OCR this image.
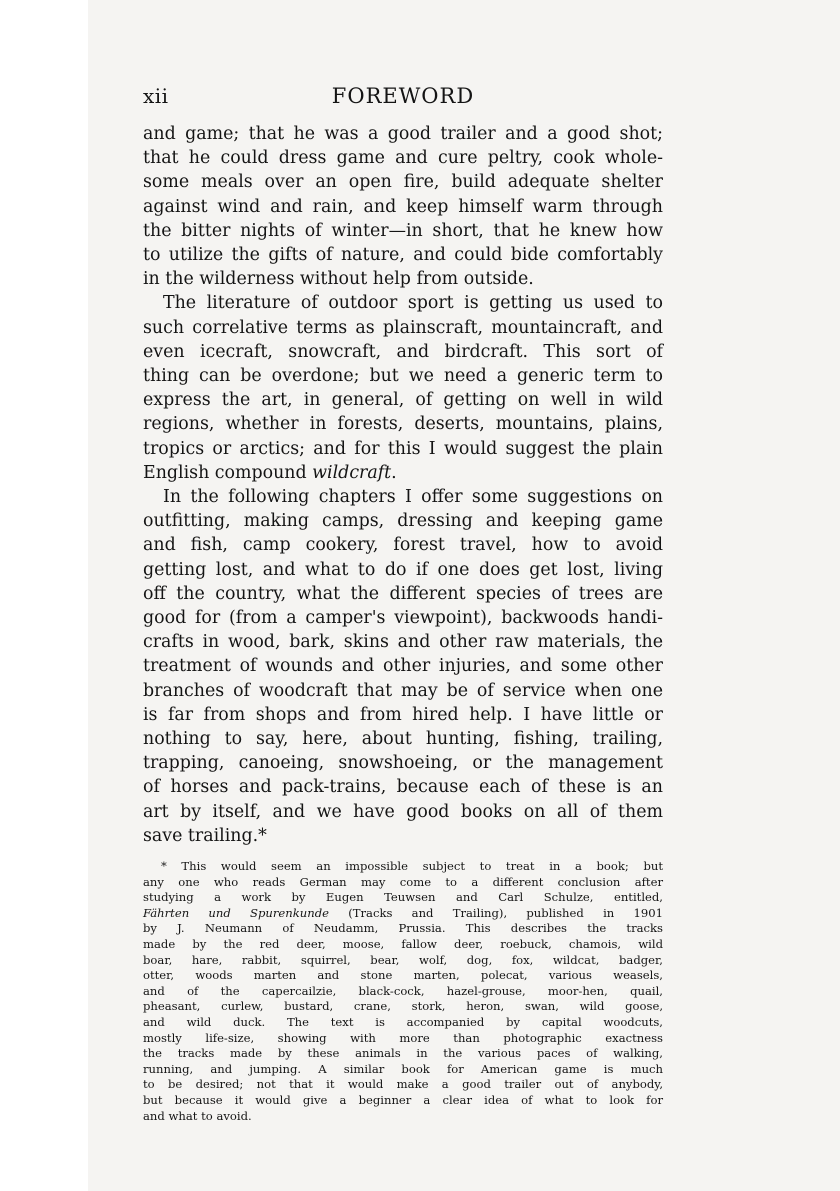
xii	FOREWORD
and game; that he was a good trailer and a good shot;
that he could dress game and cure peltry, cook whole-
some meals over an open fire, build adequate shelter
against wind and rain, and keep himself warm through
the bitter nights of winter—in short, that he knew how
to utilize the gifts of nature, and could bide comfortably
in the wilderness without help from outside.
The literature of outdoor sport is getting us used to
such correlative terms as plainscraft, mountaincraft, and
even icecraft, snowcraft, and birdcraft. This sort of
thing can be overdone; but we need a generic term to
express the art, in general, of getting on well in wild
regions, whether in forests, deserts, mountains, plains,
tropics or arctics; and for this I would suggest the plain
English compound wildcraft.
In the following chapters I offer some suggestions on
outfitting, making camps, dressing and keeping game
and fish, camp cookery, forest travel, how to avoid
getting lost, and what to do if one does get lost, living
off the country, what the different species of trees are
good for (from a camper's viewpoint), backwoods handi-
crafts in wood, bark, skins and other raw materials, the
treatment of wounds and other injuries, and some other
branches of woodcraft that may be of service when one
is far from shops and from hired help. I have little or
nothing to say, here, about hunting, fishing, trailing,
trapping, canoeing, snowshoeing, or the management
of horses and pack-trains, because each of these is an
art by itself, and we have good books on all of them
save trailing.*
* This would seem an impossible subject to treat in a book; but
any one who reads German may come to a different conclusion after
studying a work by Eugen Teuwsen and Carl Schulze, entitled,
Fährten und Spurenkunde (Tracks and Trailing), published in 1901
by J. Neumann of Neudamm, Prussia. This describes the tracks
made by the red deer, moose, fallow deer, roebuck, chamois, wild
boar, hare, rabbit, squirrel, bear, wolf, dog, fox, wildcat, badger,
otter, woods marten and stone marten, polecat, various weasels,
and of the capercailzie, black-cock, hazel-grouse, moor-hen, quail,
pheasant, curlew, bustard, crane, stork, heron, swan, wild goose,
and wild duck. The text is accompanied by capital woodcuts,
mostly life-size, showing with more than photographic exactness
the tracks made by these animals in the various paces of walking,
running, and jumping. A similar book for American game is much
to be desired; not that it would make a good trailer out of anybody,
but because it would give a beginner a clear idea of what to look for
and what to avoid.
